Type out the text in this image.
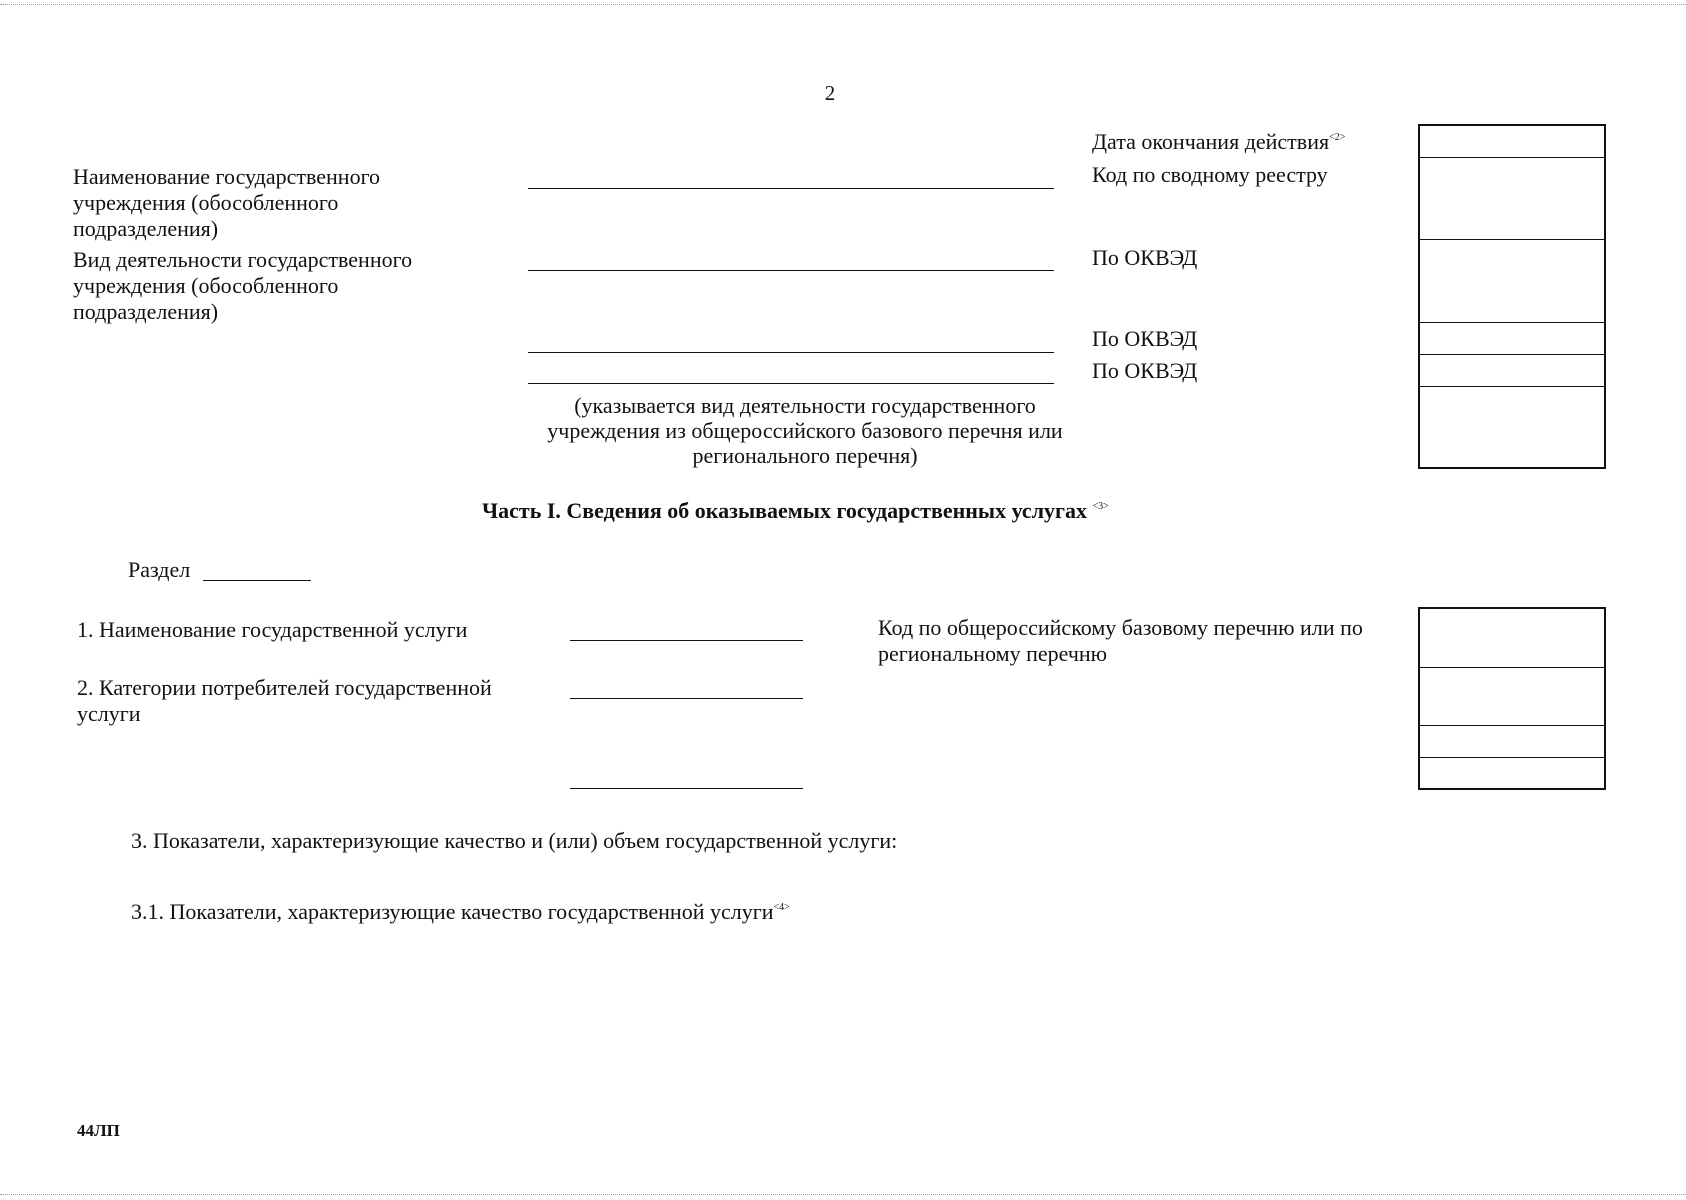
2
Дата окончания действия$^{<2>}$
Код по сводному реестру
По ОКВЭД
По ОКВЭД
По ОКВЭД
Наименование государственного учреждения (обособленного подразделения)
Вид деятельности государственного учреждения (обособленного подразделения)
(указывается вид деятельности государственного учреждения из общероссийского базового перечня или регионального перечня)
Часть I. Сведения об оказываемых государственных услугах $^{<3>}$
Раздел
1. Наименование государственной услуги
2. Категории потребителей государственной услуги
Код по общероссийскому базовому перечню или по региональному перечню
3. Показатели, характеризующие качество и (или) объем государственной услуги:
3.1. Показатели, характеризующие качество государственной услуги$^{<4>}$
44ЛП
